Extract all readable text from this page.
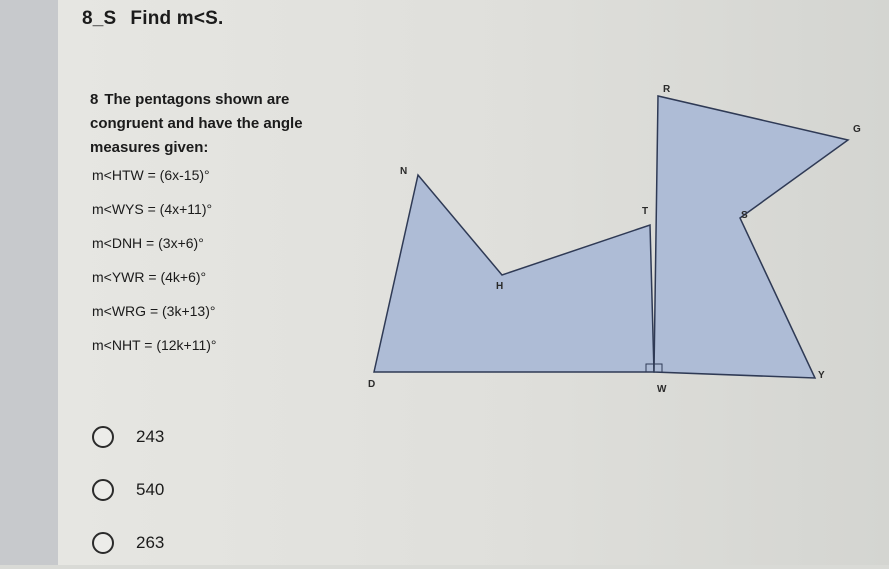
8_S Find m<S.
8 The pentagons shown are congruent and have the angle measures given:
m<HTW = (6x-15)°
m<WYS = (4x+11)°
m<DNH = (3x+6)°
m<YWR = (4k+6)°
m<WRG = (3k+13)°
m<NHT = (12k+11)°
243
540
263
R
G
N
T	S
H
D	W
Y
